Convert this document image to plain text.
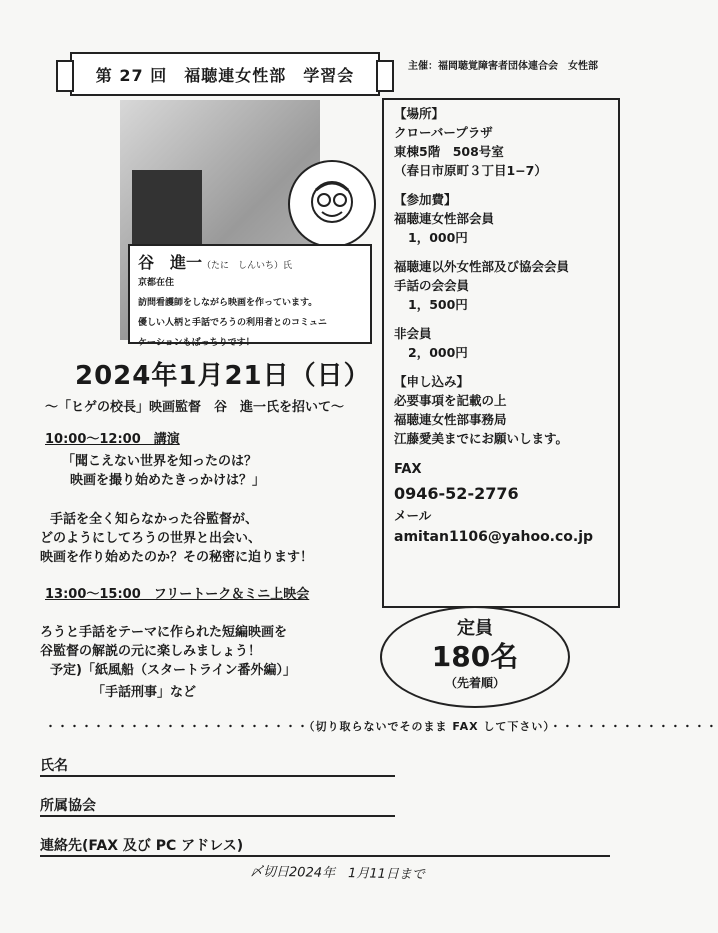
第 27 回　福聴連女性部　学習会	主催：福岡聴覚障害者団体連合会　女性部
谷　進一（たに　しんいち）氏
京都在住
訪問看護師をしながら映画を作っています。
優しい人柄と手話でろうの利用者とのコミュニ
ケーションもばっちりです！
【場所】
クローバープラザ
東棟5階　508号室
（春日市原町３丁目1−7）
【参加費】
福聴連女性部会員
1，000円
福聴連以外女性部及び協会会員
手話の会会員
1，500円
非会員
2，000円
【申し込み】
必要事項を記載の上
福聴連女性部事務局
江藤愛美までにお願いします。
FAX
0946-52-2776
メール
amitan1106@yahoo.co.jp
2024年1月21日（日）
〜「ヒゲの校長」映画監督　谷　進一氏を招いて〜
10:00〜12:00　講演
「聞こえない世界を知ったのは？
映画を撮り始めたきっかけは？」
手話を全く知らなかった谷監督が、
どのようにしてろうの世界と出会い、
映画を作り始めたのか？その秘密に迫ります！
13:00〜15:00　フリートーク＆ミニ上映会
ろうと手話をテーマに作られた短編映画を
谷監督の解説の元に楽しみましょう！
予定)「紙風船（スタートライン番外編）」
「手話刑事」など
定員
180名
（先着順）
・・・・・・・・・・・・・・・・・・・・・・（切り取らないでそのまま FAX して下さい）・・・・・・・・・・・・・・
氏名
所属協会
連絡先(FAX 及び PC アドレス)
〆切日2024年　1月11日まで
